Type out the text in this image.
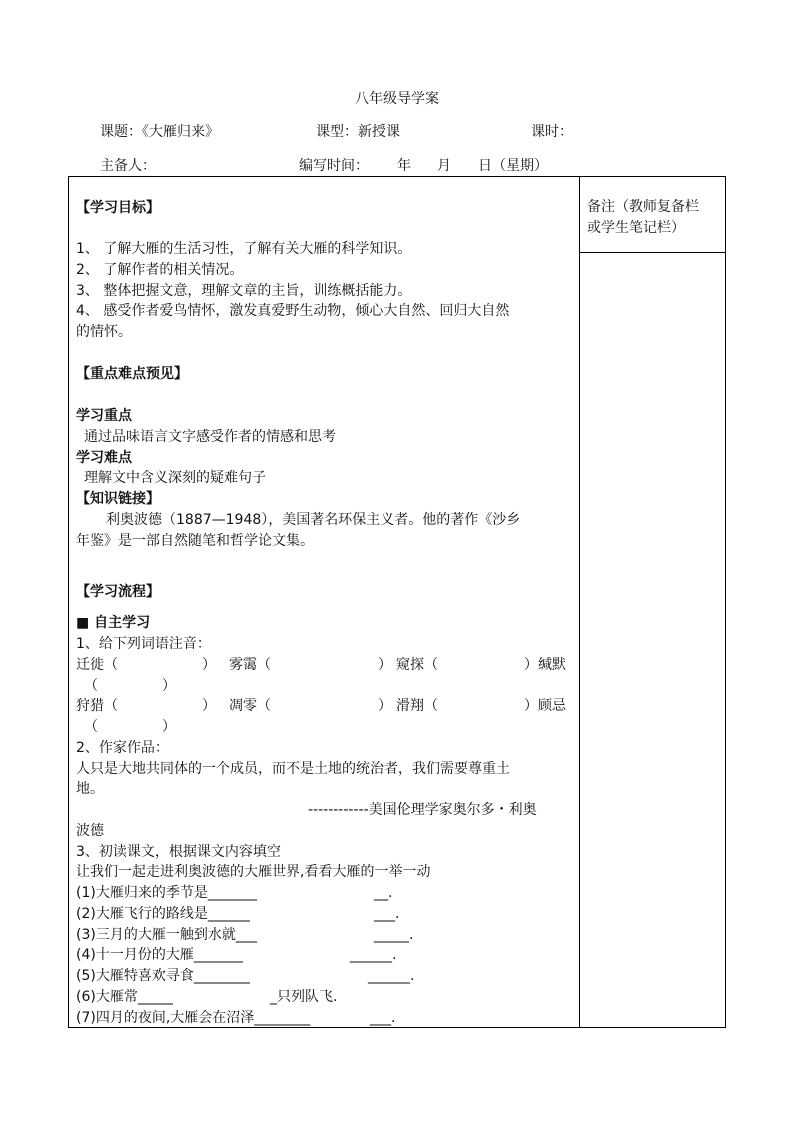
八年级导学案
课题：《大雁归来》	课型：新授课	课时：
主备人：	编写时间： 年 月 日（星期）
备注（教师复备栏
或学生笔记栏）
【学习目标】
1、 了解大雁的生活习性，了解有关大雁的科学知识。
2、 了解作者的相关情况。
3、 整体把握文意，理解文章的主旨，训练概括能力。
4、 感受作者爱鸟情怀，激发真爱野生动物，倾心大自然、回归大自然
的情怀。
【重点难点预见】
学习重点
通过品味语言文字感受作者的情感和思考
学习难点
理解文中含义深刻的疑难句子
【知识链接】
利奥波德（1887—1948），美国著名环保主义者。他的著作《沙乡
年鉴》是一部自然随笔和哲学论文集。
【学习流程】
■ 自主学习
1、给下列词语注音：
迁徙（	） 雾霭（	） 窥探（	） 缄默
（	）
狩猎（	） 凋零（	） 滑翔（	） 顾忌
（	）
2、作家作品：
人只是大地共同体的一个成员，而不是土地的统治者，我们需要尊重土
地。
------------美国伦理学家奥尔多・利奥
波德
3、初读课文，根据课文内容填空
让我们一起走进利奥波德的大雁世界,看看大雁的一举一动
(1)大雁归来的季节是_______	__.
(2)大雁飞行的路线是______	___.
(3)三月的大雁一触到水就___	_____.
(4)十一月份的大雁_______	______.
(5)大雁特喜欢寻食________	______.
(6)大雁常_____	_只列队飞.
(7)四月的夜间,大雁会在沼泽________	___.
